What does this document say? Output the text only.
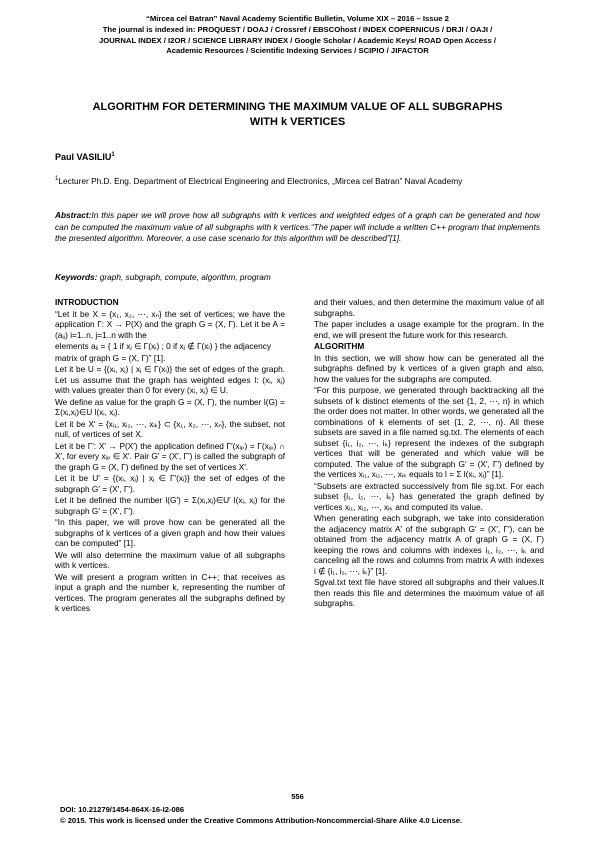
“Mircea cel Batran” Naval Academy Scientific Bulletin, Volume XIX – 2016 – Issue 2
The journal is indexed in: PROQUEST / DOAJ / Crossref / EBSCOhost / INDEX COPERNICUS / DRJI / OAJI /
JOURNAL INDEX / I2OR / SCIENCE LIBRARY INDEX / Google Scholar / Academic Keys/ ROAD Open Access /
Academic Resources / Scientific Indexing Services / SCIPIO / JIFACTOR
ALGORITHM FOR DETERMINING THE MAXIMUM VALUE OF ALL SUBGRAPHS
WITH k VERTICES
Paul VASILIU$^1$
$^1$Lecturer Ph.D. Eng. Department of Electrical Engineering and Electronics, „Mircea cel Batran” Naval Academy
Abstract:In this paper we will prove how all subgraphs with k vertices and weighted edges of a graph can be generated and how can be computed the maximum value of all subgraphs with k vertices.“The paper will include a written C++ program that implements the presented algorithm. Moreover, a use case scenario for this algorithm will be described”[1].
Keywords: graph, subgraph, compute, algorithm, program

INTRODUCTION

“Let it be X = {x₁, x₂, ⋯, xₙ} the set of vertices; we have the application Γ: X → P(X) and the graph G = (X, Γ). Let it be A = (aᵢⱼ) i=1..n, j=1..n with the

elements aᵢⱼ = { 1 if xⱼ ∈ Γ(xᵢ) ; 0 if xⱼ ∉ Γ(xᵢ) } the adjacency

matrix of graph G = (X, Γ)” [1].

Let it be U = {(xᵢ, xⱼ) | xⱼ ∈ Γ(xᵢ)} the set of edges of the graph. Let us assume that the graph has weighted edges l: (xᵢ, xⱼ) with values greater than 0 for every (xᵢ, xⱼ) ∈ U.

We define as value for the graph G = (X, Γ), the number l(G) = Σ(xᵢ,xⱼ)∈U l(xᵢ, xⱼ).

Let it be X′ = {xᵢ₁, xᵢ₂, ⋯, xᵢₖ} ⊂ {x₁, x₂, ⋯, xₙ}, the subset, not null, of vertices of set X.

Let it be Γ′: X′ → P(X′) the application defined Γ′(xᵢₚ) = Γ(xᵢₚ) ∩ X′, for every xᵢₚ ∈ X′. Pair G′ = (X′, Γ′) is called the subgraph of the graph G = (X, Γ) defined by the set of vertices X′.

Let it be U′ = {(xᵢ, xⱼ) | xⱼ ∈ Γ′(xᵢ)} the set of edges of the subgraph G′ = (X′, Γ′).

Let it be defined the number l(G′) = Σ(xᵢ,xⱼ)∈U′ l(xᵢ, xⱼ) for the subgraph G′ = (X′, Γ′).

“In this paper, we will prove how can be generated all the subgraphs of k vertices of a given graph and how their values can be computed” [1].

We will also determine the maximum value of all subgraphs with k vertices.

We will present a program written in C++; that receives as input a graph and the number k, representing the number of vertices. The program generates all the subgraphs defined by k vertices

and their values, and then determine the maximum value of all subgraphs.

The paper includes a usage example for the program. In the end, we will present the future work for this research.

ALGORITHM

In this section, we will show how can be generated all the subgraphs defined by k vertices of a given graph and also, how the values for the subgraphs are computed.

“For this purpose, we generated through backtracking all the subsets of k distinct elements of the set {1, 2, ⋯, n} in which the order does not matter. In other words, we generated all the combinations of k elements of set {1, 2, ⋯, n}. All these subsets are saved in a file named sg.txt. The elements of each subset {i₁, i₂, ⋯, iₖ} represent the indexes of the subgraph vertices that will be generated and which value will be computed. The value of the subgraph G′ = (X′, Γ′) defined by the vertices xᵢ₁, xᵢ₂, ⋯, xᵢₖ equals to l = Σ l(xᵢ, xⱼ)” [1].

“Subsets are extracted successively from file sg.txt. For each subset {i₁, i₂, ⋯, iₖ} has generated the graph defined by vertices xᵢ₁, xᵢ₂, ⋯, xᵢₖ and computed its value.

When generating each subgraph, we take into consideration the adjacency matrix A′ of the subgraph G′ = (X′, Γ′), can be obtained from the adjacency matrix A of graph G = (X, Γ) keeping the rows and columns with indexes i₁, i₂, ⋯, iₖ and canceling all the rows and columns from matrix A with indexes i ∉ {i₁, i₂, ⋯, iₖ}” [1].

Sgval.txt text file have stored all subgraphs and their values.It then reads this file and determines the maximum value of all subgraphs.

556
DOI: 10.21279/1454-864X-16-I2-086
© 2015. This work is licensed under the Creative Commons Attribution-Noncommercial-Share Alike 4.0 License.
